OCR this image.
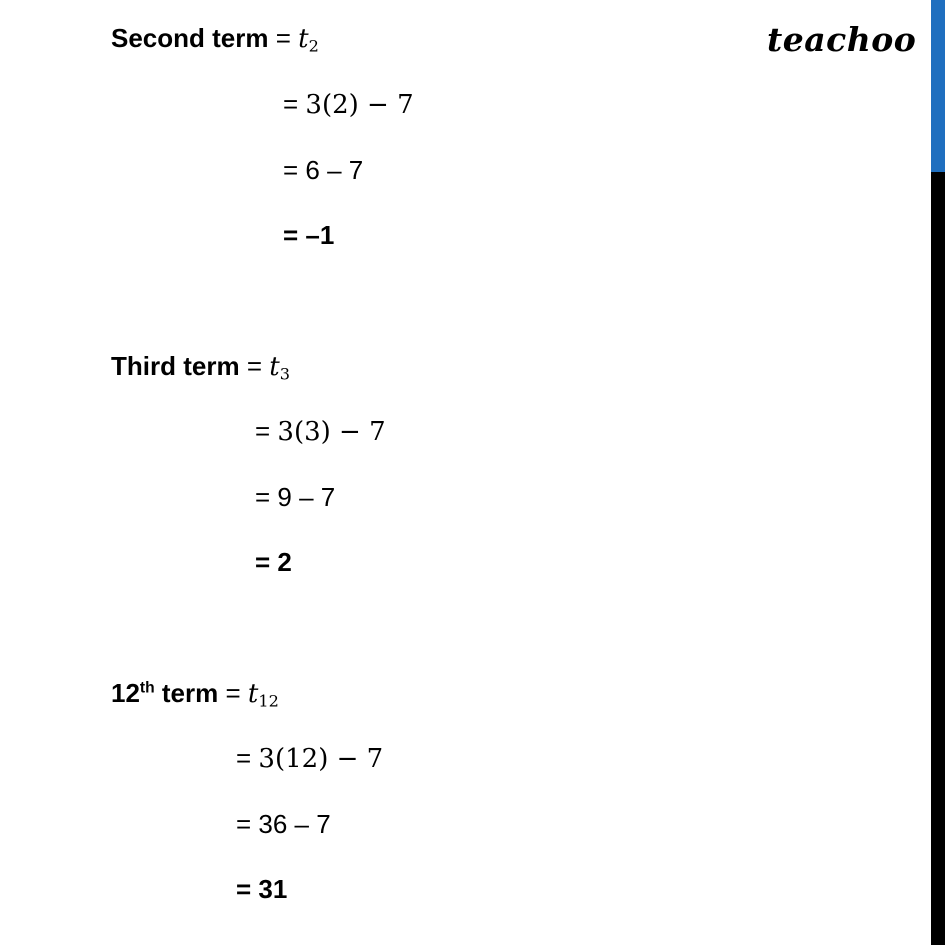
teachoo
Second term = $t_2$
= 3(2) − 7
= 6 – 7
= –1
Third term = $t_3$
= 3(3) − 7
= 9 – 7
= 2
12th term = $t_{12}$
= 3(12) − 7
= 36 – 7
= 31
